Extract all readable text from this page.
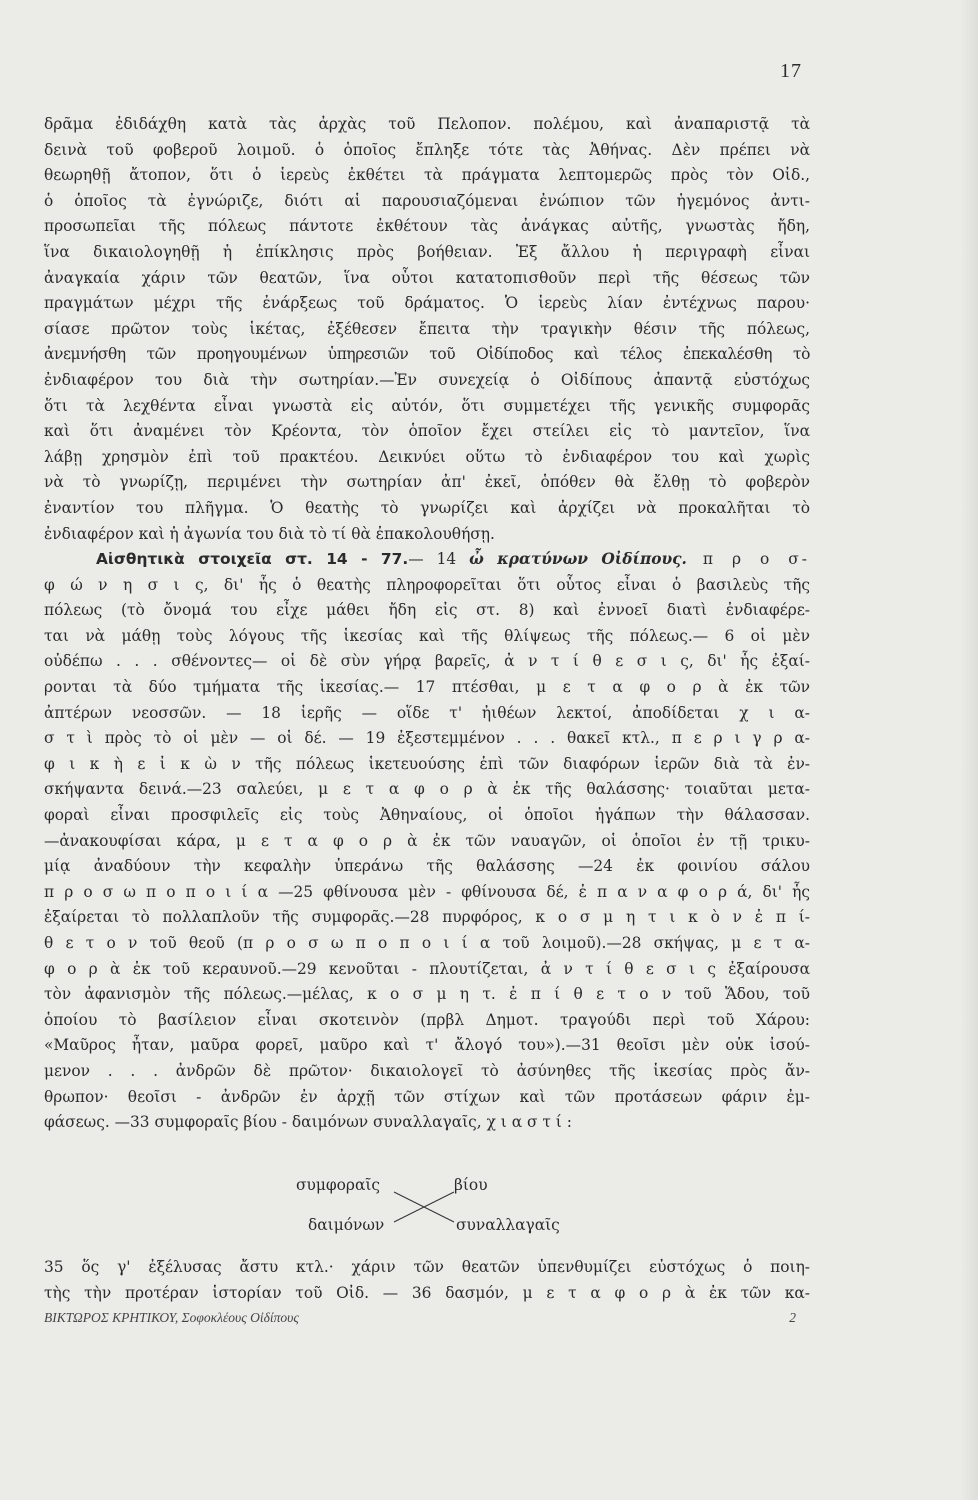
17
δρᾶμα ἐδιδάχθη κατὰ τὰς ἀρχὰς τοῦ Πελοπον. πολέμου, καὶ ἀναπαριστᾷ τὰ
δεινὰ τοῦ φοβεροῦ λοιμοῦ. ὁ ὁποῖος ἔπληξε τότε τὰς Ἀθήνας. Δὲν πρέπει νὰ
θεωρηθῇ ἄτοπον, ὅτι ὁ ἱερεὺς ἐκθέτει τὰ πράγματα λεπτομερῶς πρὸς τὸν Οἰδ.,
ὁ ὁποῖος τὰ ἐγνώριζε, διότι αἱ παρουσιαζόμεναι ἐνώπιον τῶν ἡγεμόνος ἀντι-
προσωπεῖαι τῆς πόλεως πάντοτε ἐκθέτουν τὰς ἀνάγκας αὐτῆς, γνωστὰς ἤδη,
ἵνα δικαιολογηθῇ ἡ ἐπίκλησις πρὸς βοήθειαν. Ἐξ ἄλλου ἡ περιγραφὴ εἶναι
ἀναγκαία χάριν τῶν θεατῶν, ἵνα οὗτοι κατατοπισθοῦν περὶ τῆς θέσεως τῶν
πραγμάτων μέχρι τῆς ἐνάρξεως τοῦ δράματος. Ὁ ἱερεὺς λίαν ἐντέχνως παρου·
σίασε πρῶτον τοὺς ἱκέτας, ἐξέθεσεν ἔπειτα τὴν τραγικὴν θέσιν τῆς πόλεως,
ἀνεμνήσθη τῶν προηγουμένων ὑπηρεσιῶν τοῦ Οἰδίποδος καὶ τέλος ἐπεκαλέσθη τὸ
ἐνδιαφέρον του διὰ τὴν σωτηρίαν.—Ἐν συνεχείᾳ ὁ Οἰδίπους ἀπαντᾷ εὐστόχως
ὅτι τὰ λεχθέντα εἶναι γνωστὰ εἰς αὐτόν, ὅτι συμμετέχει τῆς γενικῆς συμφορᾶς
καὶ ὅτι ἀναμένει τὸν Κρέοντα, τὸν ὁποῖον ἔχει στείλει εἰς τὸ μαντεῖον, ἵνα
λάβῃ χρησμὸν ἐπὶ τοῦ πρακτέου. Δεικνύει οὕτω τὸ ἐνδιαφέρον του καὶ χωρὶς
νὰ τὸ γνωρίζῃ, περιμένει τὴν σωτηρίαν ἀπ' ἐκεῖ, ὁπόθεν θὰ ἔλθῃ τὸ φοβερὸν
ἐναντίον του πλῆγμα. Ὁ θεατὴς τὸ γνωρίζει καὶ ἀρχίζει νὰ προκαλῆται τὸ
ἐνδιαφέρον καὶ ἡ ἀγωνία του διὰ τὸ τί θὰ ἐπακολουθήσῃ.
Αἰσθητικὰ στοιχεῖα στ. 14 - 77.— 14 ὦ κρατύνων Οἰδίπους. π ρ ο σ-
φ ώ ν η σ ι ς, δι' ἧς ὁ θεατὴς πληροφορεῖται ὅτι οὗτος εἶναι ὁ βασιλεὺς τῆς
πόλεως (τὸ ὄνομά του εἶχε μάθει ἤδη εἰς στ. 8) καὶ ἐννοεῖ διατὶ ἐνδιαφέρε-
ται νὰ μάθῃ τοὺς λόγους τῆς ἱκεσίας καὶ τῆς θλίψεως τῆς πόλεως.— 6 οἱ μὲν
οὐδέπω . . . σθένοντες— οἱ δὲ σὺν γήρᾳ βαρεῖς, ἀ ν τ ί θ ε σ ι ς, δι' ἧς ἐξαί-
ρονται τὰ δύο τμήματα τῆς ἱκεσίας.— 17 πτέσθαι, μ ε τ α φ ο ρ ὰ ἐκ τῶν
ἀπτέρων νεοσσῶν. — 18 ἱερῆς — οἵδε τ' ἠιθέων λεκτοί, ἀποδίδεται χ ι α-
σ τ ὶ πρὸς τὸ οἱ μὲν — οἱ δέ. — 19 ἐξεστεμμένον . . . θακεῖ κτλ., π ε ρ ι γ ρ α-
φ ι κ ὴ ε ἰ κ ὼ ν τῆς πόλεως ἱκετευούσης ἐπὶ τῶν διαφόρων ἱερῶν διὰ τὰ ἐν-
σκήψαντα δεινά.—23 σαλεύει, μ ε τ α φ ο ρ ὰ ἐκ τῆς θαλάσσης· τοιαῦται μετα-
φοραὶ εἶναι προσφιλεῖς εἰς τοὺς Ἀθηναίους, οἱ ὁποῖοι ἠγάπων τὴν θάλασσαν.
—ἀνακουφίσαι κάρα, μ ε τ α φ ο ρ ὰ ἐκ τῶν ναυαγῶν, οἱ ὁποῖοι ἐν τῇ τρικυ-
μίᾳ ἀναδύουν τὴν κεφαλὴν ὑπεράνω τῆς θαλάσσης —24 ἐκ φοινίου σάλου
π ρ ο σ ω π ο π ο ι ί α —25 φθίνουσα μὲν - φθίνουσα δέ, ἐ π α ν α φ ο ρ ά, δι' ἧς
ἐξαίρεται τὸ πολλαπλοῦν τῆς συμφορᾶς.—28 πυρφόρος, κ ο σ μ η τ ι κ ὸ ν ἐ π ί-
θ ε τ ο ν τοῦ θεοῦ (π ρ ο σ ω π ο π ο ι ί α τοῦ λοιμοῦ).—28 σκήψας, μ ε τ α-
φ ο ρ ὰ ἐκ τοῦ κεραυνοῦ.—29 κενοῦται - πλουτίζεται, ἀ ν τ ί θ ε σ ι ς ἐξαίρουσα
τὸν ἀφανισμὸν τῆς πόλεως.—μέλας, κ ο σ μ η τ. ἐ π ί θ ε τ ο ν τοῦ Ἅδου, τοῦ
ὁποίου τὸ βασίλειον εἶναι σκοτεινὸν (πρβλ Δημοτ. τραγούδι περὶ τοῦ Χάρου:
«Μαῦρος ἦταν, μαῦρα φορεῖ, μαῦρο καὶ τ' ἄλογό του»).—31 θεοῖσι μὲν οὐκ ἰσού-
μενον . . . ἀνδρῶν δὲ πρῶτον· δικαιολογεῖ τὸ ἀσύνηθες τῆς ἱκεσίας πρὸς ἄν-
θρωπον· θεοῖσι - ἀνδρῶν ἐν ἀρχῇ τῶν στίχων καὶ τῶν προτάσεων φάριν ἐμ-
φάσεως. —33 συμφοραῖς βίου - δαιμόνων συναλλαγαῖς, χ ι α σ τ ί :
συμφοραῖς	βίου
δαιμόνων	συναλλαγαῖς
35 ὅς γ' ἐξέλυσας ἄστυ κτλ.· χάριν τῶν θεατῶν ὑπενθυμίζει εὐστόχως ὁ ποιη-
τὴς τὴν προτέραν ἱστορίαν τοῦ Οἰδ. — 36 δασμόν, μ ε τ α φ ο ρ ὰ ἐκ τῶν κα-
ΒΙΚΤΩΡΟΣ ΚΡΗΤΙΚΟΥ, Σοφοκλέους Οἰδίπους	2
